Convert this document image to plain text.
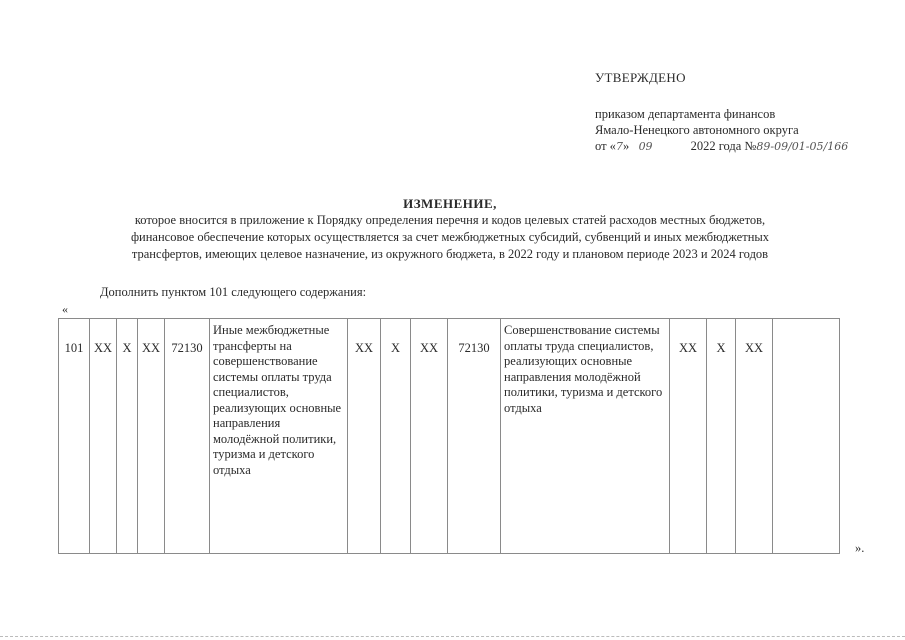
УТВЕРЖДЕНО
приказом департамента финансов
Ямало-Ненецкого автономного округа
от «7»   09	2022 года №89-09/01-05/166
ИЗМЕНЕНИЕ,
которое вносится в приложение к Порядку определения перечня и кодов целевых статей расходов местных бюджетов,
финансовое обеспечение которых осуществляется за счет межбюджетных субсидий, субвенций и иных межбюджетных
трансфертов, имеющих целевое назначение, из окружного бюджета, в 2022 году и плановом периоде 2023 и 2024 годов
Дополнить пунктом 101 следующего содержания:
«
101	XX	X	XX	72130	Иные межбюджетные трансферты на совершенствование системы оплаты труда специалистов, реализующих основные направления молодёжной политики, туризма и детского отдыха	XX	X	XX	72130	Совершенствование системы оплаты труда специалистов, реализующих основные направления молодёжной политики, туризма и детского отдыха	XX	X	XX	
».
